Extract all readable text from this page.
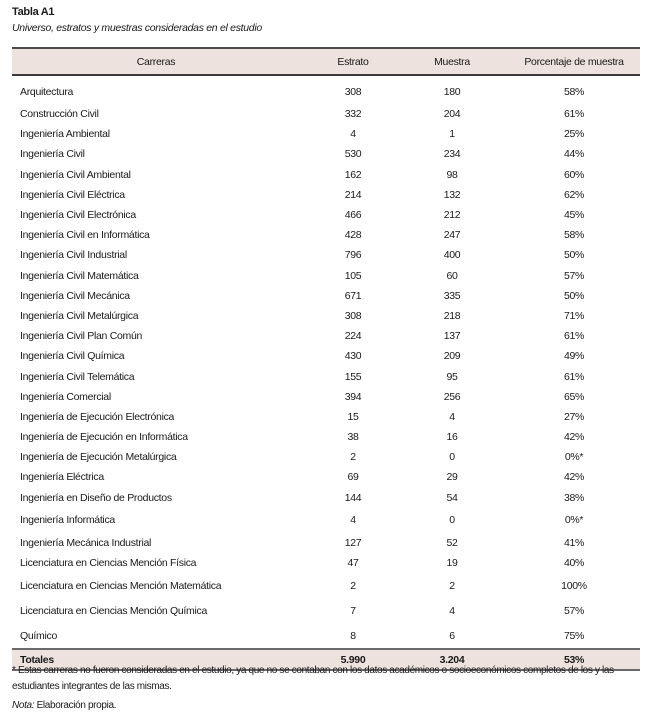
Tabla A1
Universo, estratos y muestras consideradas en el estudio
Carreras	Estrato	Muestra	Porcentaje de muestra
Arquitectura	308	180	58%
Construcción Civil	332	204	61%
Ingeniería Ambiental	4	1	25%
Ingeniería Civil	530	234	44%
Ingeniería Civil Ambiental	162	98	60%
Ingeniería Civil Eléctrica	214	132	62%
Ingeniería Civil Electrónica	466	212	45%
Ingeniería Civil en Informática	428	247	58%
Ingeniería Civil Industrial	796	400	50%
Ingeniería Civil Matemática	105	60	57%
Ingeniería Civil Mecánica	671	335	50%
Ingeniería Civil Metalúrgica	308	218	71%
Ingeniería Civil Plan Común	224	137	61%
Ingeniería Civil Química	430	209	49%
Ingeniería Civil Telemática	155	95	61%
Ingeniería Comercial	394	256	65%
Ingeniería de Ejecución Electrónica	15	4	27%
Ingeniería de Ejecución en Informática	38	16	42%
Ingeniería de Ejecución Metalúrgica	2	0	0%*
Ingeniería Eléctrica	69	29	42%
Ingeniería en Diseño de Productos	144	54	38%
Ingeniería Informática	4	0	0%*
Ingeniería Mecánica Industrial	127	52	41%
Licenciatura en Ciencias Mención Física	47	19	40%
Licenciatura en Ciencias Mención Matemática	2	2	100%
Licenciatura en Ciencias Mención Química	7	4	57%
Químico	8	6	75%
Totales	5.990	3.204	53%
* Estas carreras no fueron consideradas en el estudio, ya que no se contaban con los datos académicos o socioeconómicos completos de los y las estudiantes integrantes de las mismas.
Nota: Elaboración propia.
